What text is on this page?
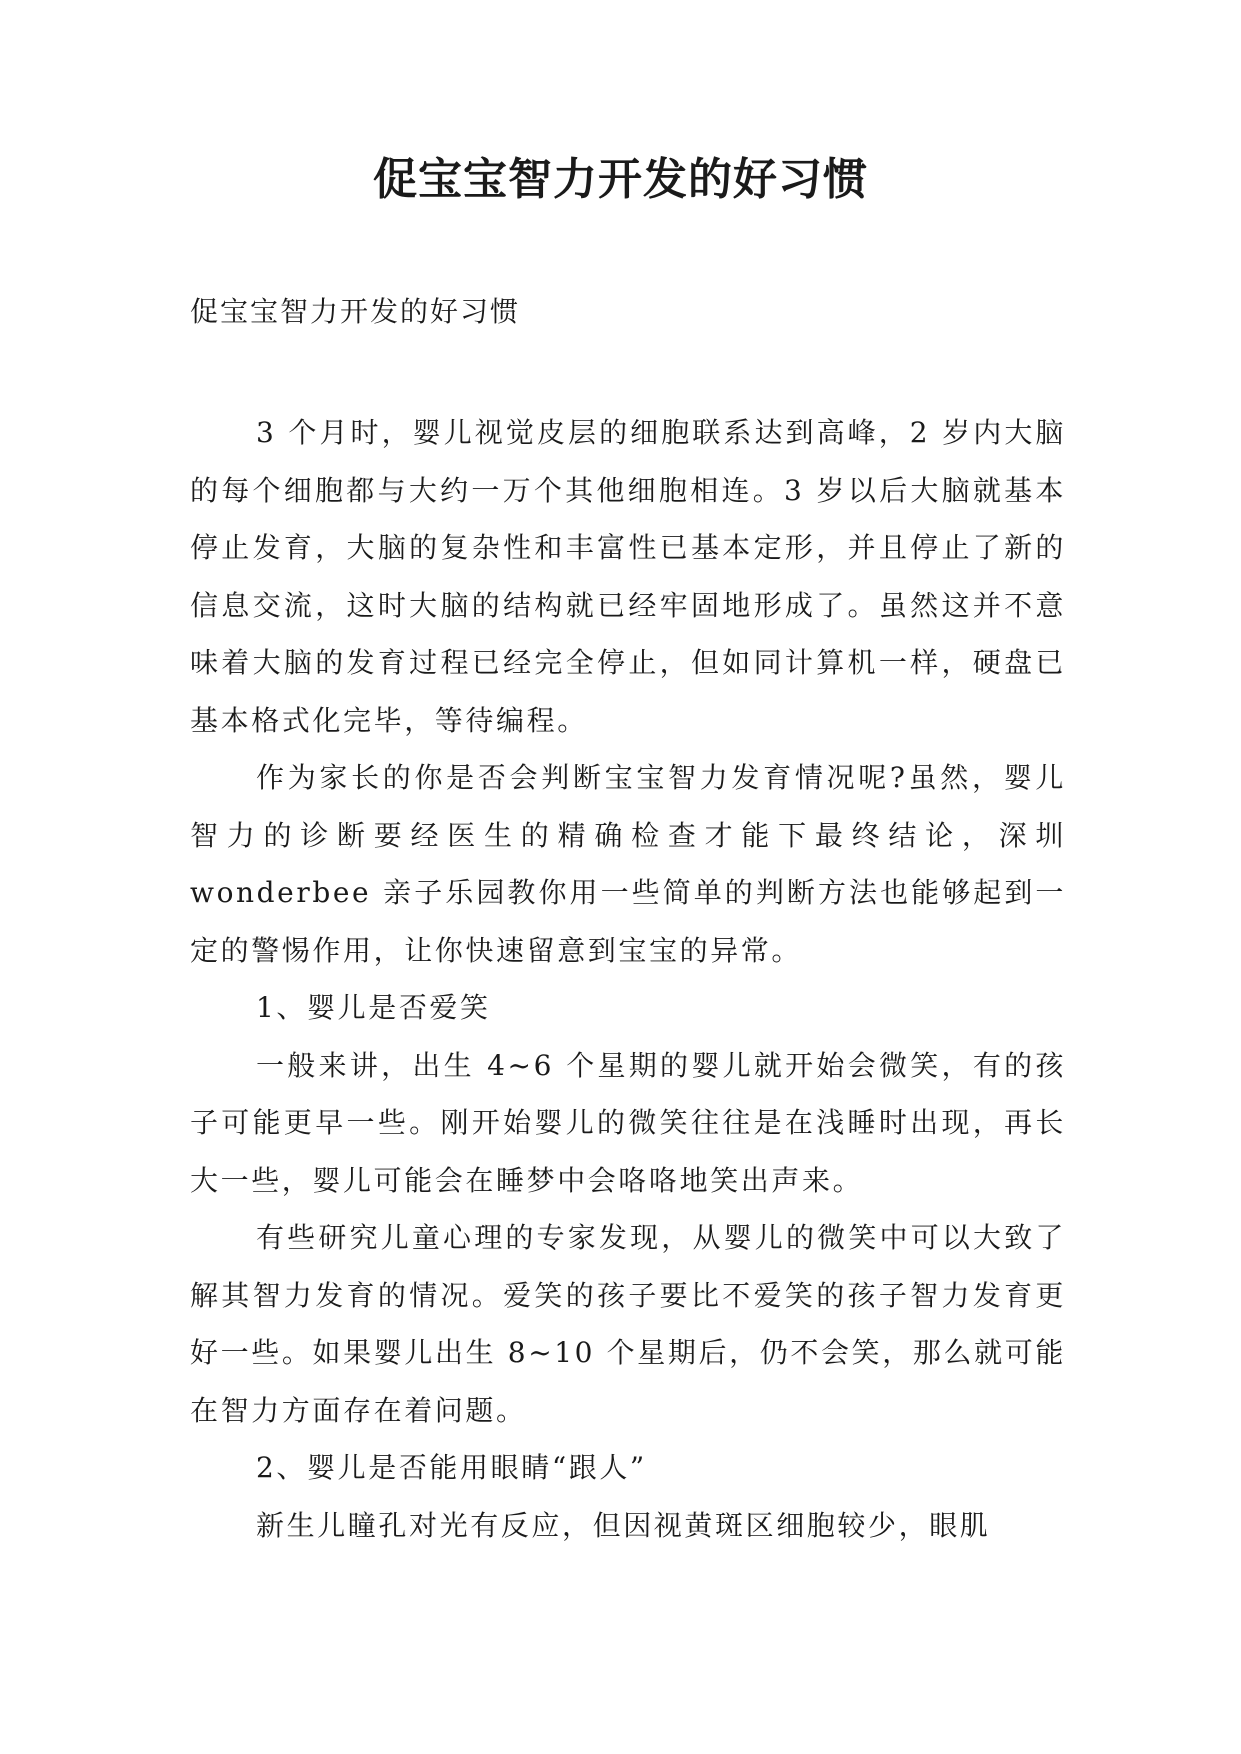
促宝宝智力开发的好习惯

促宝宝智力开发的好习惯

3 个月时，婴儿视觉皮层的细胞联系达到高峰，2 岁内大脑的每个细胞都与大约一万个其他细胞相连。3 岁以后大脑就基本停止发育，大脑的复杂性和丰富性已基本定形，并且停止了新的信息交流，这时大脑的结构就已经牢固地形成了。虽然这并不意味着大脑的发育过程已经完全停止，但如同计算机一样，硬盘已基本格式化完毕，等待编程。

作为家长的你是否会判断宝宝智力发育情况呢?虽然，婴儿智力的诊断要经医生的精确检查才能下最终结论，深圳wonderbee 亲子乐园教你用一些简单的判断方法也能够起到一定的警惕作用，让你快速留意到宝宝的异常。

1、婴儿是否爱笑

一般来讲，出生 4~6 个星期的婴儿就开始会微笑，有的孩子可能更早一些。刚开始婴儿的微笑往往是在浅睡时出现，再长大一些，婴儿可能会在睡梦中会咯咯地笑出声来。

有些研究儿童心理的专家发现，从婴儿的微笑中可以大致了解其智力发育的情况。爱笑的孩子要比不爱笑的孩子智力发育更好一些。如果婴儿出生 8~10 个星期后，仍不会笑，那么就可能在智力方面存在着问题。

2、婴儿是否能用眼睛“跟人”

新生儿瞳孔对光有反应，但因视黄斑区细胞较少，眼肌
